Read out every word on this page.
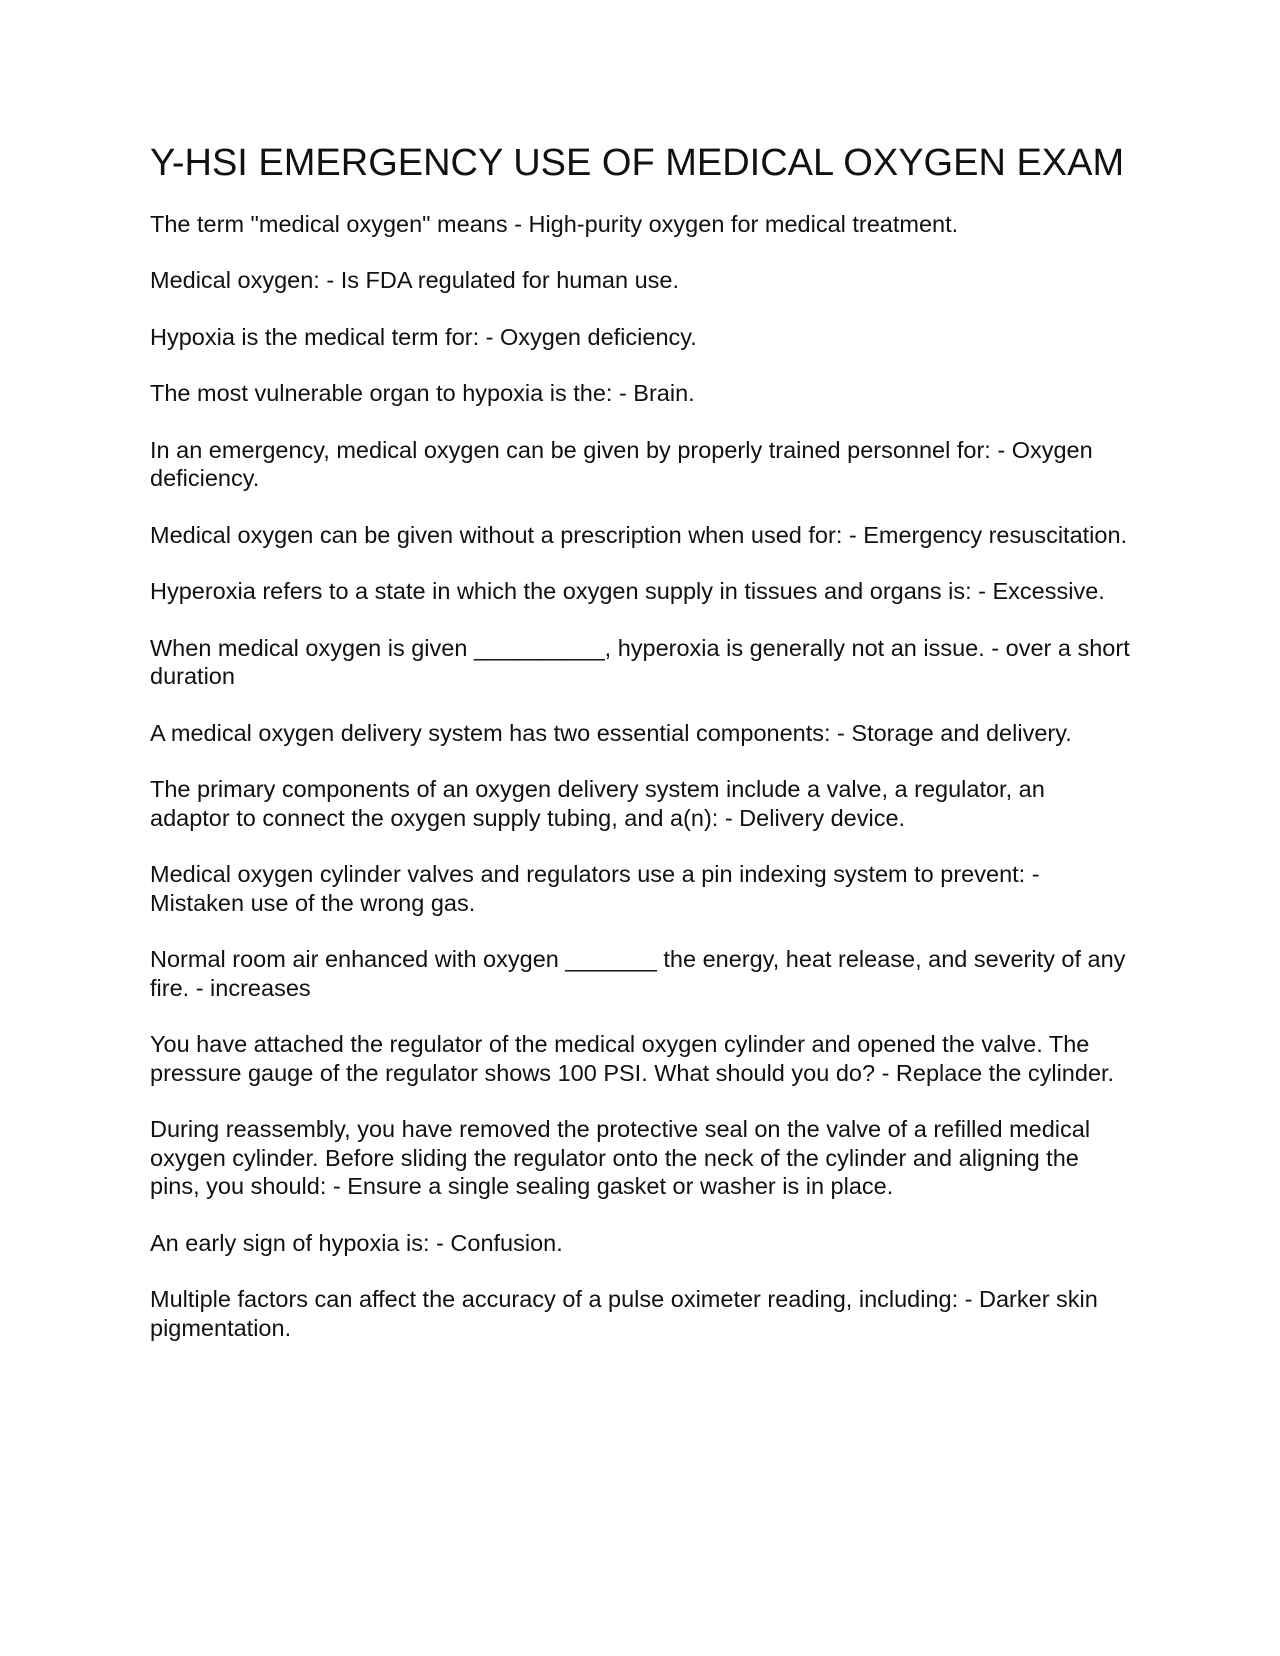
Y-HSI EMERGENCY USE OF MEDICAL OXYGEN EXAM

The term "medical oxygen" means - High-purity oxygen for medical treatment.

Medical oxygen: - Is FDA regulated for human use.

Hypoxia is the medical term for: - Oxygen deficiency.

The most vulnerable organ to hypoxia is the: - Brain.

In an emergency, medical oxygen can be given by properly trained personnel for: - Oxygen deficiency.

Medical oxygen can be given without a prescription when used for: - Emergency resuscitation.

Hyperoxia refers to a state in which the oxygen supply in tissues and organs is: - Excessive.

When medical oxygen is given __________, hyperoxia is generally not an issue. - over a short duration

A medical oxygen delivery system has two essential components: - Storage and delivery.

The primary components of an oxygen delivery system include a valve, a regulator, an adaptor to connect the oxygen supply tubing, and a(n): - Delivery device.

Medical oxygen cylinder valves and regulators use a pin indexing system to prevent: - Mistaken use of the wrong gas.

Normal room air enhanced with oxygen _______ the energy, heat release, and severity of any fire. - increases

You have attached the regulator of the medical oxygen cylinder and opened the valve. The pressure gauge of the regulator shows 100 PSI. What should you do? - Replace the cylinder.

During reassembly, you have removed the protective seal on the valve of a refilled medical oxygen cylinder. Before sliding the regulator onto the neck of the cylinder and aligning the pins, you should: - Ensure a single sealing gasket or washer is in place.

An early sign of hypoxia is: - Confusion.

Multiple factors can affect the accuracy of a pulse oximeter reading, including: - Darker skin pigmentation.
